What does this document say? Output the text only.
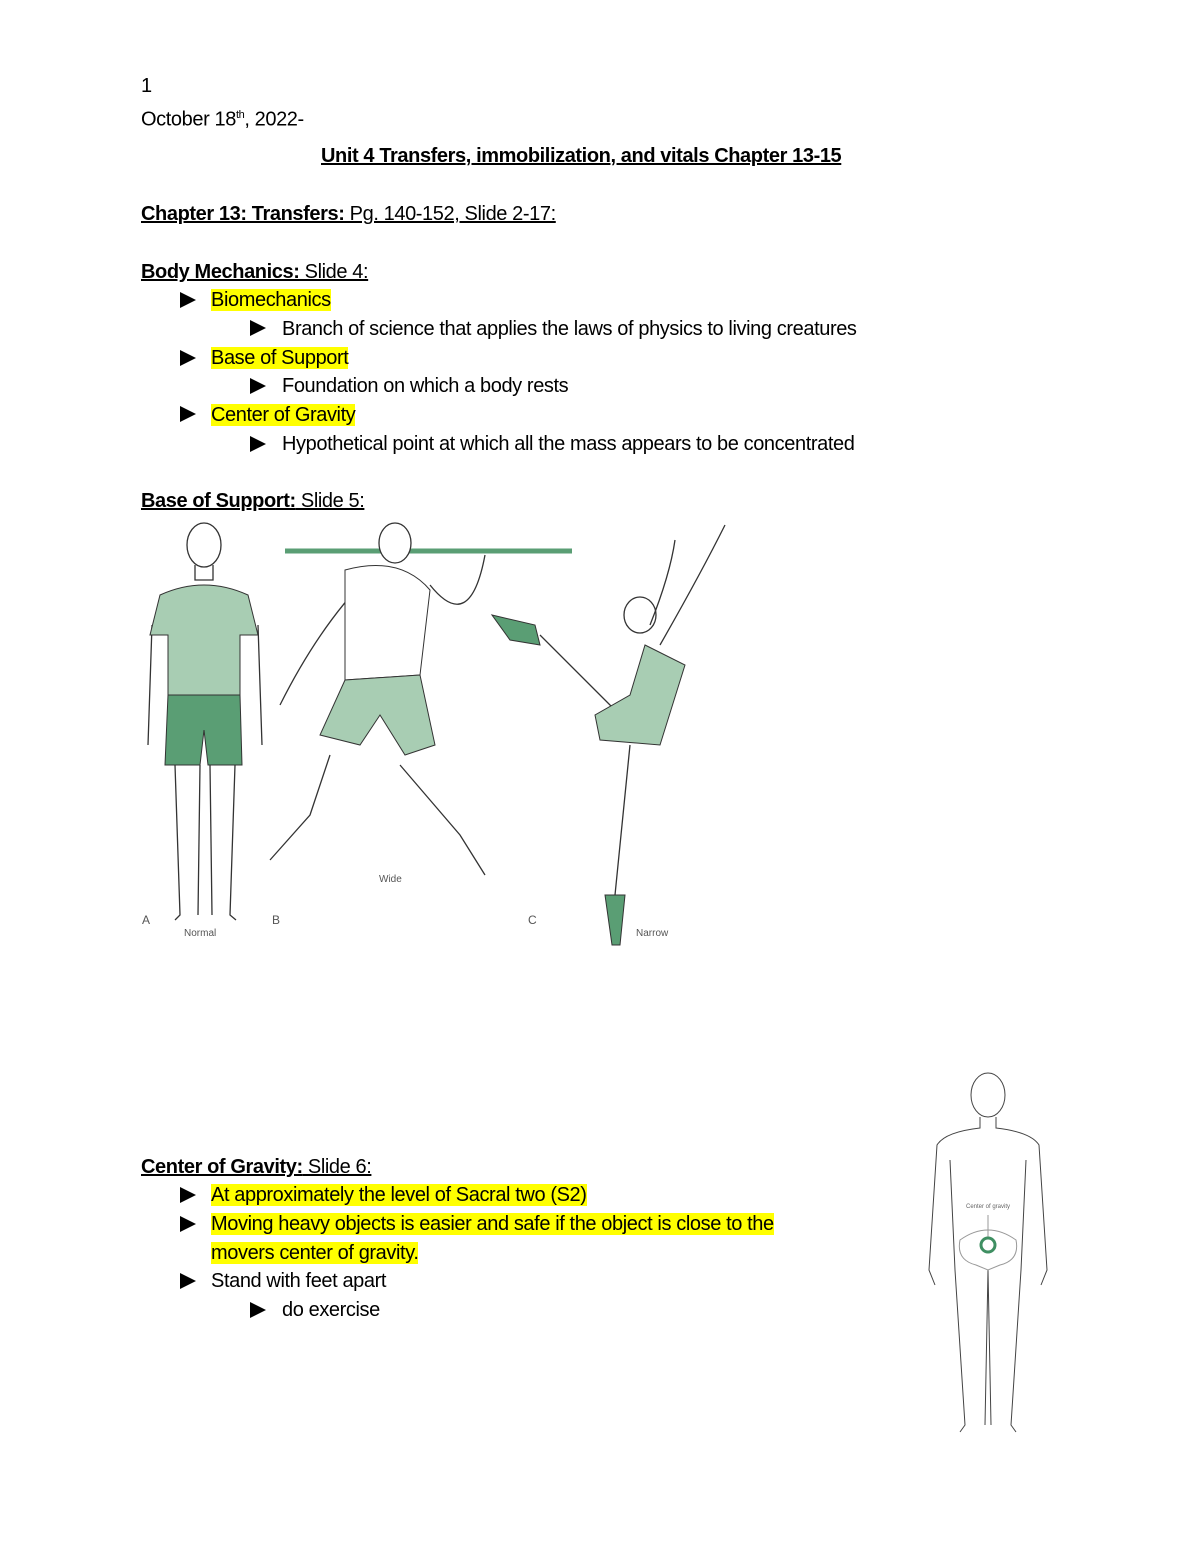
1
October 18th, 2022-
Unit 4 Transfers, immobilization, and vitals Chapter 13-15
Chapter 13: Transfers: Pg. 140-152, Slide 2-17:
Body Mechanics: Slide 4:
Biomechanics
Branch of science that applies the laws of physics to living creatures
Base of Support
Foundation on which a body rests
Center of Gravity
Hypothetical point at which all the mass appears to be concentrated
Base of Support: Slide 5:
A
Normal
B
Wide
C
Narrow
Center of Gravity: Slide 6:
At approximately the level of Sacral two (S2)
Moving heavy objects is easier and safe if the object is close to the
movers center of gravity.
Stand with feet apart
do exercise
Center of gravity
